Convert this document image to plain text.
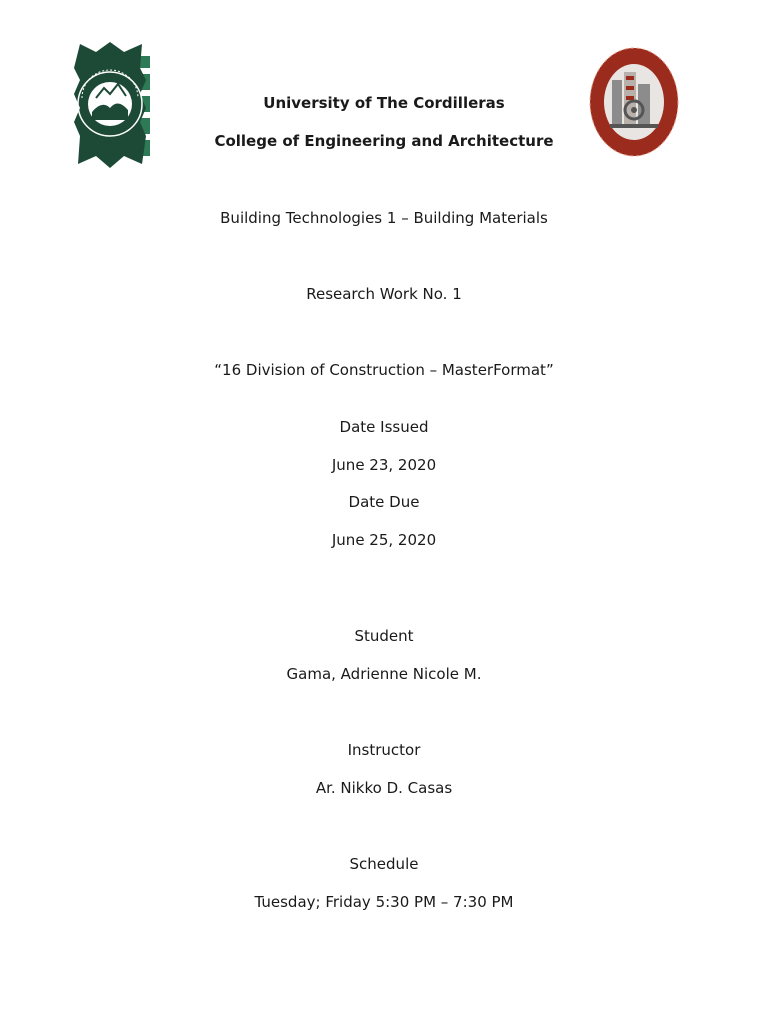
University of The Cordilleras
College of Engineering and Architecture
Building Technologies 1 – Building Materials
Research Work No. 1
“16 Division of Construction – MasterFormat”
Date Issued
June 23, 2020
Date Due
June 25, 2020
Student
Gama, Adrienne Nicole M.
Instructor
Ar. Nikko D. Casas
Schedule
Tuesday; Friday 5:30 PM – 7:30 PM
